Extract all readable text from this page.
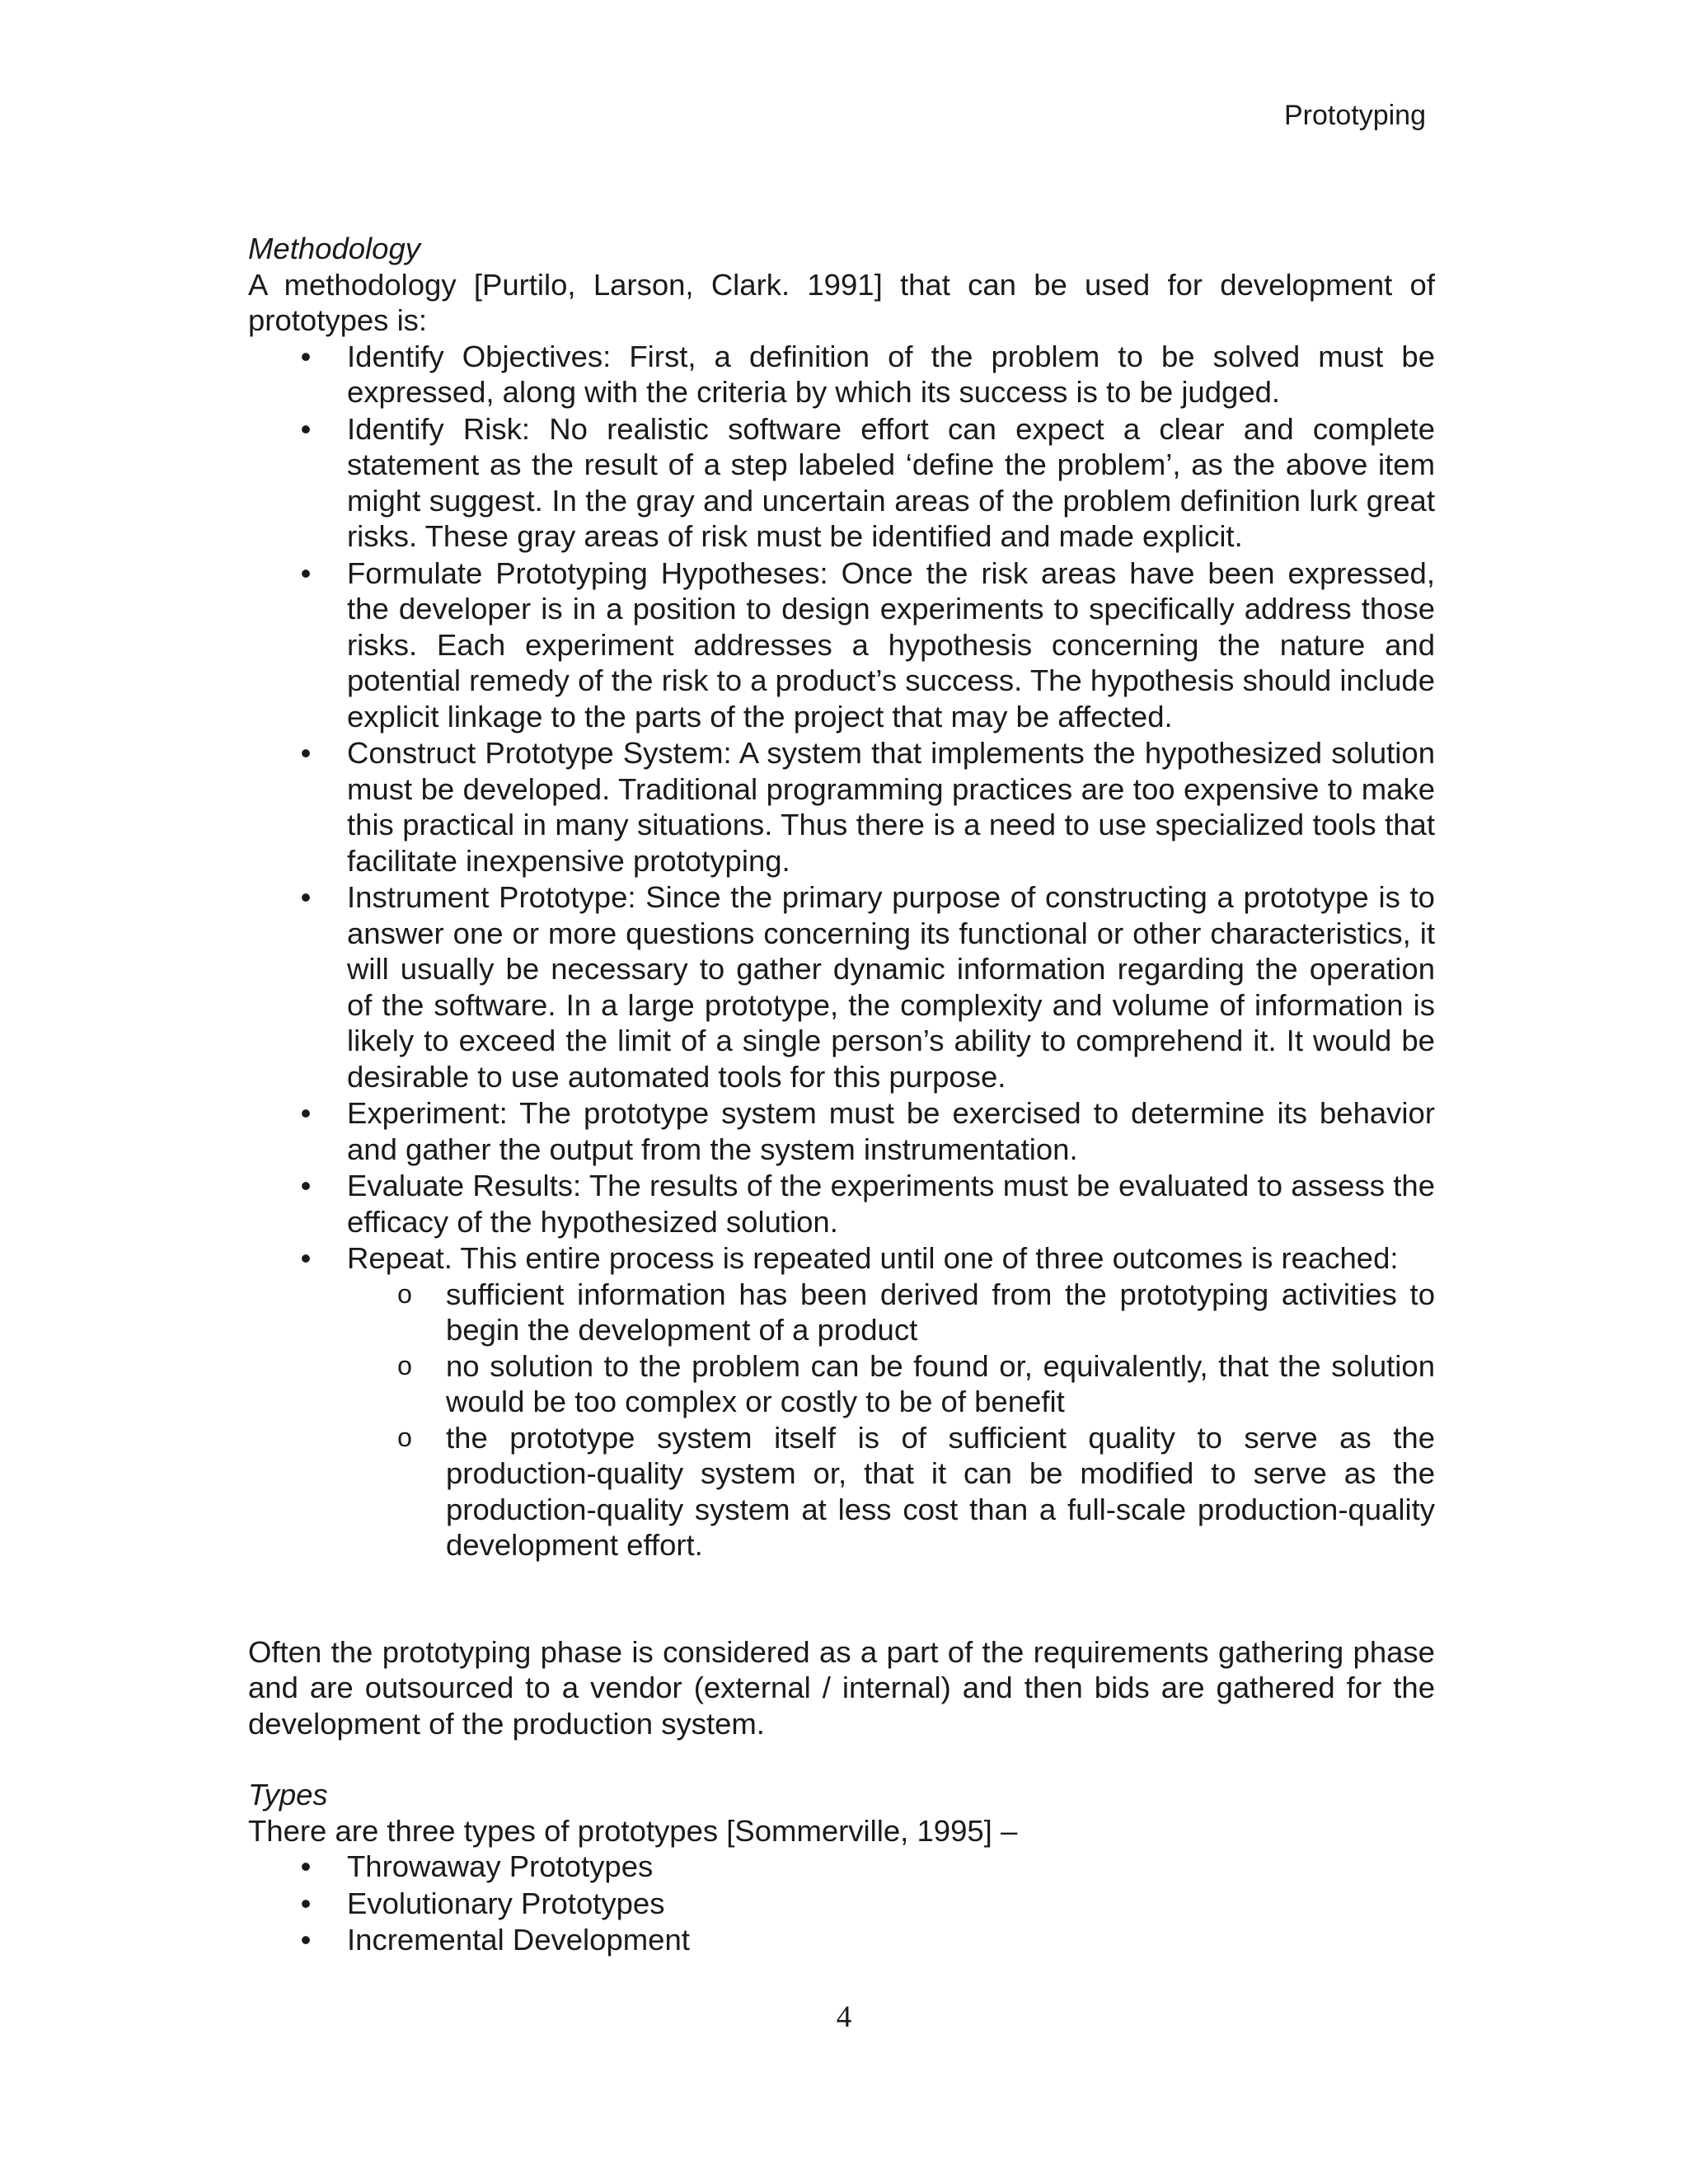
Prototyping
Methodology

A methodology [Purtilo, Larson, Clark. 1991] that can be used for development of prototypes is:

• Identify Objectives: First, a definition of the problem to be solved must be expressed, along with the criteria by which its success is to be judged.
• Identify Risk: No realistic software effort can expect a clear and complete statement as the result of a step labeled ‘define the problem’, as the above item might suggest. In the gray and uncertain areas of the problem definition lurk great risks. These gray areas of risk must be identified and made explicit.
• Formulate Prototyping Hypotheses: Once the risk areas have been expressed, the developer is in a position to design experiments to specifically address those risks. Each experiment addresses a hypothesis concerning the nature and potential remedy of the risk to a product’s success. The hypothesis should include explicit linkage to the parts of the project that may be affected.
• Construct Prototype System: A system that implements the hypothesized solution must be developed. Traditional programming practices are too expensive to make this practical in many situations. Thus there is a need to use specialized tools that facilitate inexpensive prototyping.
• Instrument Prototype: Since the primary purpose of constructing a prototype is to answer one or more questions concerning its functional or other characteristics, it will usually be necessary to gather dynamic information regarding the operation of the software. In a large prototype, the complexity and volume of information is likely to exceed the limit of a single person’s ability to comprehend it. It would be desirable to use automated tools for this purpose.
• Experiment: The prototype system must be exercised to determine its behavior and gather the output from the system instrumentation.
• Evaluate Results: The results of the experiments must be evaluated to assess the efficacy of the hypothesized solution.
• Repeat. This entire process is repeated until one of three outcomes is reached:
o sufficient information has been derived from the prototyping activities to begin the development of a product
o no solution to the problem can be found or, equivalently, that the solution would be too complex or costly to be of benefit
o the prototype system itself is of sufficient quality to serve as the production-quality system or, that it can be modified to serve as the production-quality system at less cost than a full-scale production-quality development effort.

Often the prototyping phase is considered as a part of the requirements gathering phase and are outsourced to a vendor (external / internal) and then bids are gathered for the development of the production system.

Types

There are three types of prototypes [Sommerville, 1995] –

• Throwaway Prototypes
• Evolutionary Prototypes
• Incremental Development
4
